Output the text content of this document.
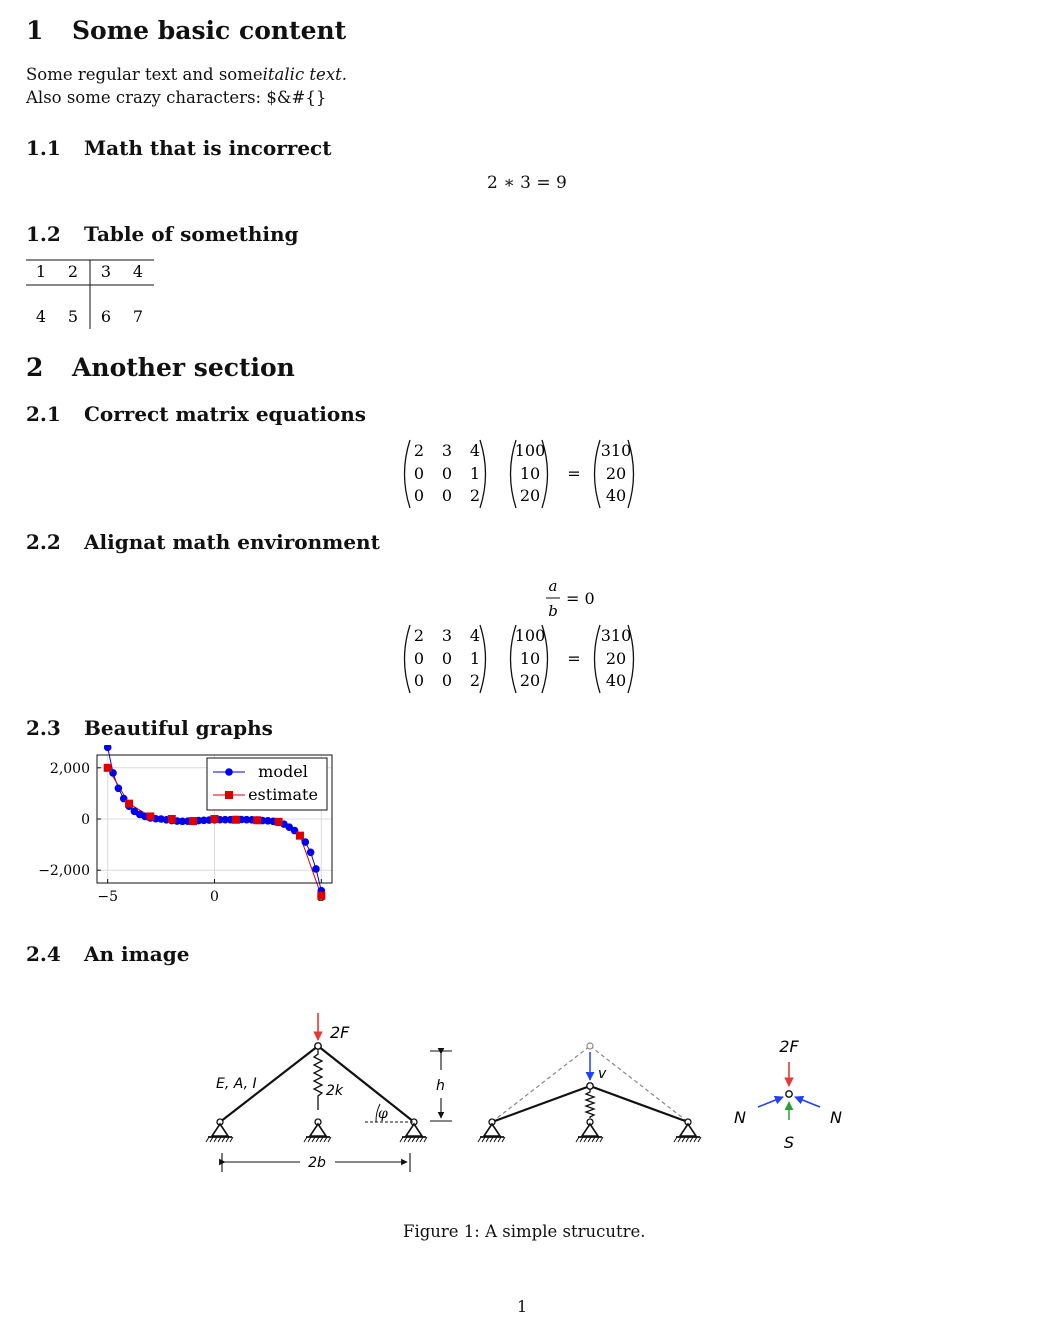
1 Some basic content
Some regular text and someitalic text.
Also some crazy characters: $&#{}
1.1 Math that is incorrect
2 ∗ 3 = 9
1.2 Table of something
1 2 3 4
4 5 6 7
2 Another section
2.1 Correct matrix equations
2 3 4
0 0 1
0 0 2
100
10
20
=
310
20
40
2.2 Alignat math environment
a
b
= 0
2 3 4
0 0 1
0 0 2
100
10
20
=
310
20
40
2.3 Beautiful graphs
−5	0
2,000
0
−2,000
model
estimate
2.4 An image
2F
E, A, I	2k
φ
h
2b
v
2F
N	N
S
Figure 1: A simple strucutre.
1
